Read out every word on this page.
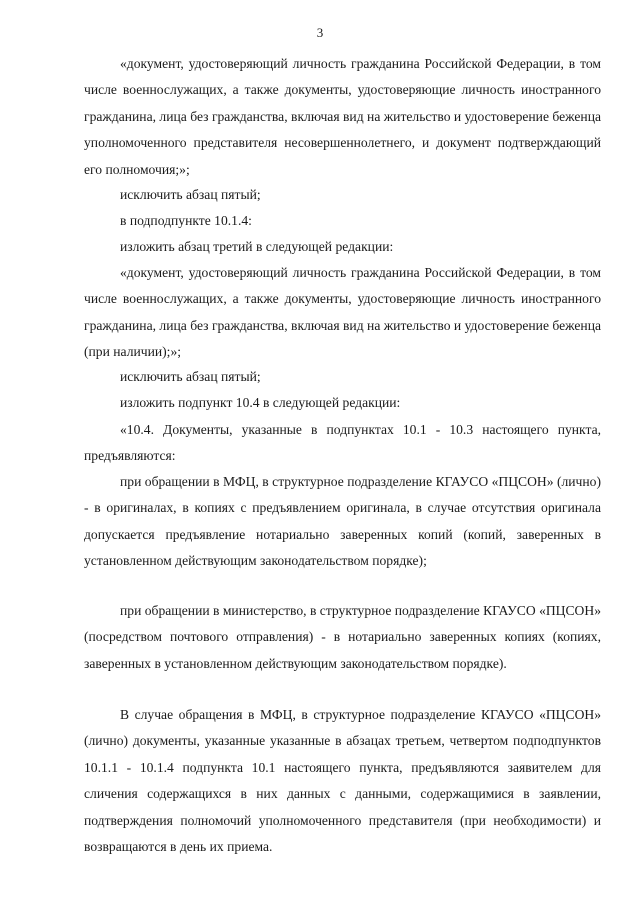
3
«документ, удостоверяющий личность гражданина Российской Федерации, в том числе военнослужащих, а также документы, удостоверяющие личность иностранного гражданина, лица без гражданства, включая вид на жительство и удостоверение беженца уполномоченного представителя несовершеннолетнего, и документ подтверждающий его полномочия;»;
исключить абзац пятый;
в подподпункте 10.1.4:
изложить абзац третий в следующей редакции:
«документ, удостоверяющий личность гражданина Российской Федерации, в том числе военнослужащих, а также документы, удостоверяющие личность иностранного гражданина, лица без гражданства, включая вид на жительство и удостоверение беженца (при наличии);»;
исключить абзац пятый;
изложить подпункт 10.4 в следующей редакции:
«10.4. Документы, указанные в подпунктах 10.1 - 10.3 настоящего пункта, предъявляются:
при обращении в МФЦ, в структурное подразделение КГАУСО «ПЦСОН» (лично) - в оригиналах, в копиях с предъявлением оригинала, в случае отсутствия оригинала допускается предъявление нотариально заверенных копий (копий, заверенных в установленном действующим законодательством порядке);
при обращении в министерство, в структурное подразделение КГАУСО «ПЦСОН» (посредством почтового отправления) - в нотариально заверенных копиях (копиях, заверенных в установленном действующим законодательством порядке).
В случае обращения в МФЦ, в структурное подразделение КГАУСО «ПЦСОН» (лично) документы, указанные указанные в абзацах третьем, четвертом подподпунктов 10.1.1 - 10.1.4 подпункта 10.1 настоящего пункта, предъявляются заявителем для сличения содержащихся в них данных с данными, содержащимися в заявлении, подтверждения полномочий уполномоченного представителя (при необходимости) и возвращаются в день их приема.
